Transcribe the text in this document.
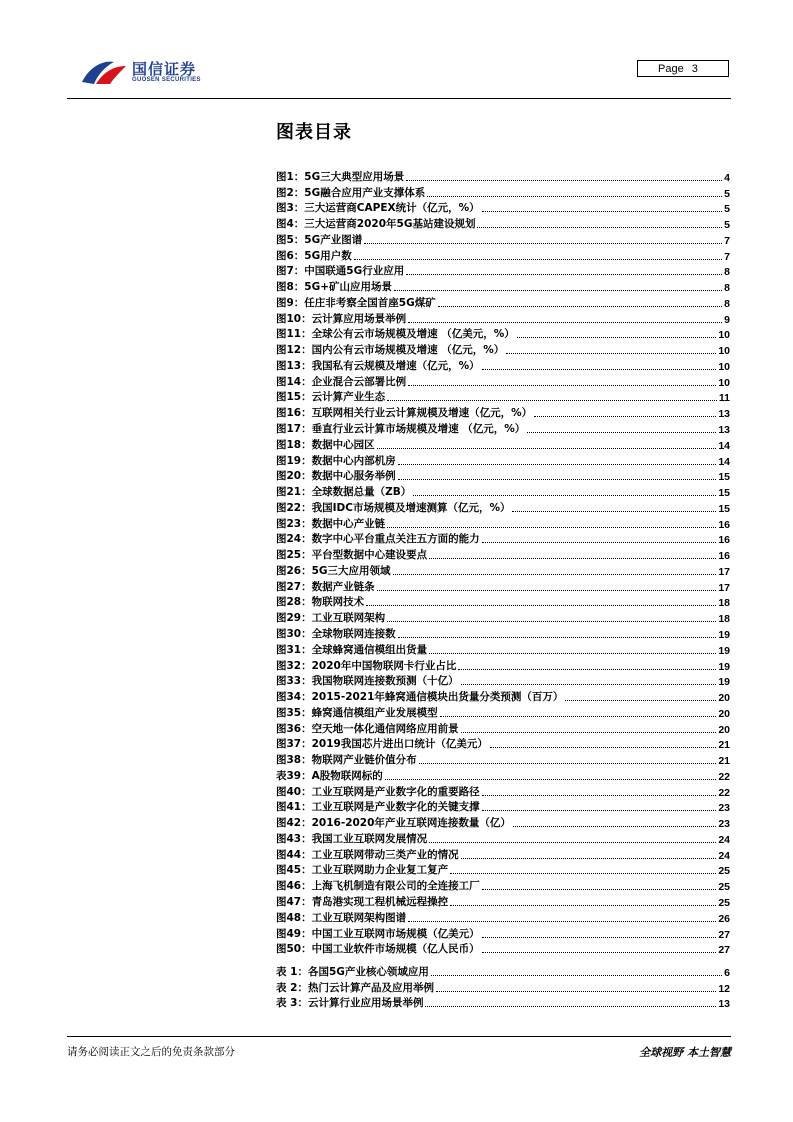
国信证券
GUOSEN SECURITIES
Page 3
图表目录
图1：5G三大典型应用场景	4
图2：5G融合应用产业支撑体系	5
图3：三大运营商CAPEX统计（亿元，%）	5
图4：三大运营商2020年5G基站建设规划	5
图5：5G产业图谱	7
图6：5G用户数	7
图7：中国联通5G行业应用	8
图8：5G+矿山应用场景	8
图9：任庄非考察全国首座5G煤矿	8
图10：云计算应用场景举例	9
图11：全球公有云市场规模及增速 （亿美元，%）	10
图12：国内公有云市场规模及增速 （亿元，%）	10
图13：我国私有云规模及增速（亿元，%）	10
图14：企业混合云部署比例	10
图15：云计算产业生态	11
图16：互联网相关行业云计算规模及增速（亿元，%）	13
图17：垂直行业云计算市场规模及增速 （亿元，%）	13
图18：数据中心园区	14
图19：数据中心内部机房	14
图20：数据中心服务举例	15
图21：全球数据总量（ZB）	15
图22：我国IDC市场规模及增速测算（亿元，%）	15
图23：数据中心产业链	16
图24：数字中心平台重点关注五方面的能力	16
图25：平台型数据中心建设要点	16
图26：5G三大应用领域	17
图27：数据产业链条	17
图28：物联网技术	18
图29：工业互联网架构	18
图30：全球物联网连接数	19
图31：全球蜂窝通信模组出货量	19
图32：2020年中国物联网卡行业占比	19
图33：我国物联网连接数预测（十亿）	19
图34：2015-2021年蜂窝通信模块出货量分类预测（百万）	20
图35：蜂窝通信模组产业发展模型	20
图36：空天地一体化通信网络应用前景	20
图37：2019我国芯片进出口统计（亿美元）	21
图38：物联网产业链价值分布	21
表39：A股物联网标的	22
图40：工业互联网是产业数字化的重要路径	22
图41：工业互联网是产业数字化的关键支撑	23
图42：2016-2020年产业互联网连接数量（亿）	23
图43：我国工业互联网发展情况	24
图44：工业互联网带动三类产业的情况	24
图45：工业互联网助力企业复工复产	25
图46：上海飞机制造有限公司的全连接工厂	25
图47：青岛港实现工程机械远程操控	25
图48：工业互联网架构图谱	26
图49：中国工业互联网市场规模（亿美元）	27
图50：中国工业软件市场规模（亿人民币）	27
表 1：各国5G产业核心领域应用	6
表 2：热门云计算产品及应用举例	12
表 3：云计算行业应用场景举例	13
请务必阅读正文之后的免责条款部分	全球视野 本土智慧
